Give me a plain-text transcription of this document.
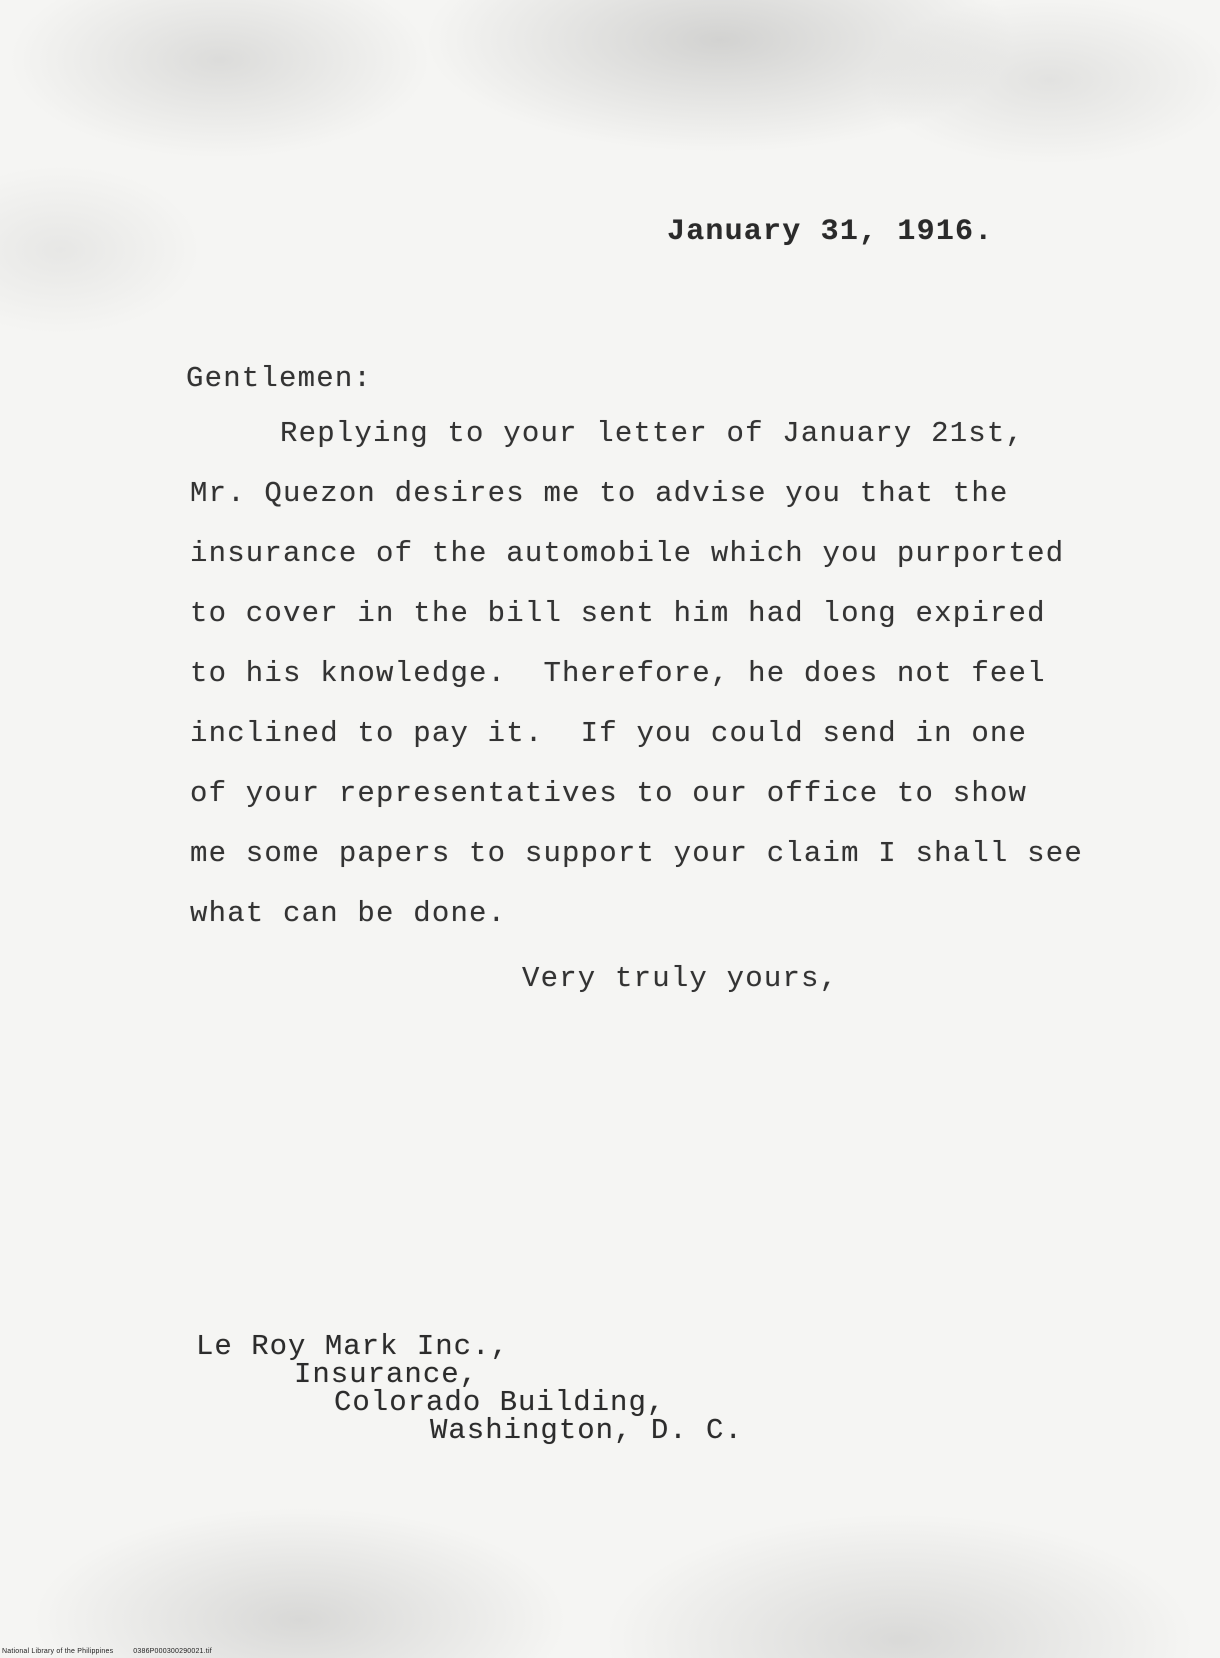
January 31, 1916.
Gentlemen:
Replying to your letter of January 21st,
Mr. Quezon desires me to advise you that the
insurance of the automobile which you purported
to cover in the bill sent him had long expired
to his knowledge.  Therefore, he does not feel
inclined to pay it.  If you could send in one
of your representatives to our office to show
me some papers to support your claim I shall see
what can be done.
Very truly yours,
Le Roy Mark Inc.,
Insurance,
Colorado Building,
Washington, D. C.
National Library of the Philippines	0386P000300290021.tif
